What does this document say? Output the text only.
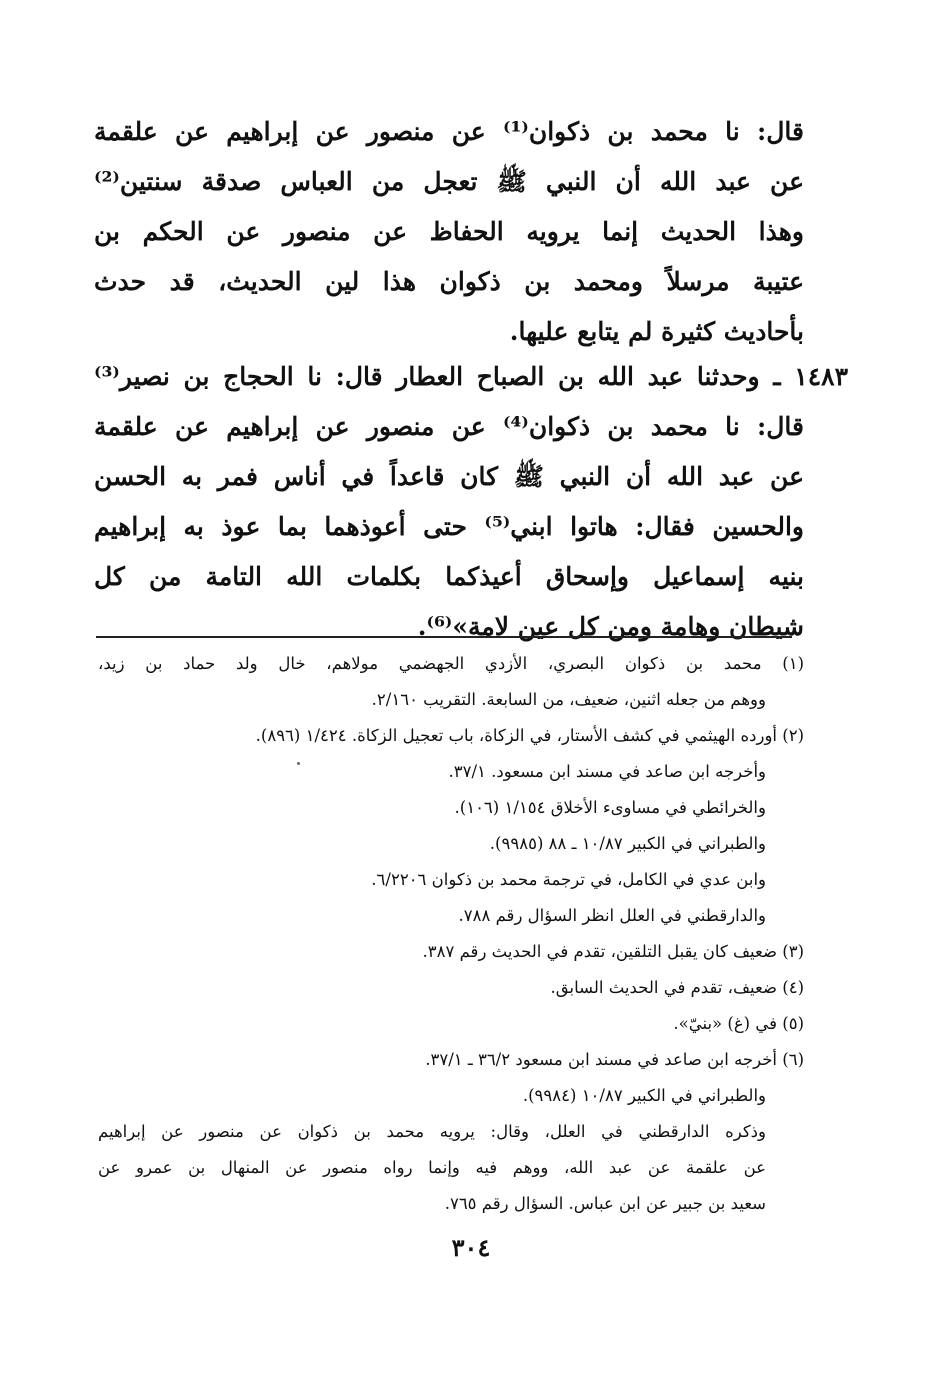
قال: نا محمد بن ذكوان⁽¹⁾ عن منصور عن إبراهيم عن علقمة
عن عبد الله أن النبي ﷺ تعجل من العباس صدقة سنتين⁽²⁾
وهذا الحديث إنما يرويه الحفاظ عن منصور عن الحكم بن
عتيبة مرسلاً ومحمد بن ذكوان هذا لين الحديث، قد حدث
بأحاديث كثيرة لم يتابع عليها.
١٤٨٣ ـ وحدثنا عبد الله بن الصباح العطار قال: نا الحجاج بن نصير⁽³⁾
قال: نا محمد بن ذكوان⁽⁴⁾ عن منصور عن إبراهيم عن علقمة
عن عبد الله أن النبي ﷺ كان قاعداً في أناس فمر به الحسن
والحسين فقال: هاتوا ابني⁽⁵⁾ حتى أعوذهما بما عوذ به إبراهيم
بنيه إسماعيل وإسحاق أعيذكما بكلمات الله التامة من كل
شيطان وهامة ومن كل عين لامة»⁽⁶⁾.
(١) محمد بن ذكوان البصري، الأزدي الجهضمي مولاهم، خال ولد حماد بن زيد،
ووهم من جعله اثنين، ضعيف، من السابعة. التقريب ٢/١٦٠.
(٢) أورده الهيثمي في كشف الأستار، في الزكاة، باب تعجيل الزكاة. ١/٤٢٤ (٨٩٦).
وأخرجه ابن صاعد في مسند ابن مسعود. ٣٧/١.
والخرائطي في مساوىء الأخلاق ١/١٥٤ (١٠٦).
والطبراني في الكبير ١٠/٨٧ ـ ٨٨ (٩٩٨٥).
وابن عدي في الكامل، في ترجمة محمد بن ذكوان ٦/٢٢٠٦.
والدارقطني في العلل انظر السؤال رقم ٧٨٨.
(٣) ضعيف كان يقبل التلقين، تقدم في الحديث رقم ٣٨٧.
(٤) ضعيف، تقدم في الحديث السابق.
(٥) في (غ) «بنيّ».
(٦) أخرجه ابن صاعد في مسند ابن مسعود ٣٦/٢ ـ ٣٧/١.
والطبراني في الكبير ١٠/٨٧ (٩٩٨٤).
وذكره الدارقطني في العلل، وقال: يرويه محمد بن ذكوان عن منصور عن إبراهيم
عن علقمة عن عبد الله، ووهم فيه وإنما رواه منصور عن المنهال بن عمرو عن
سعيد بن جبير عن ابن عباس. السؤال رقم ٧٦٥.
٣٠٤
